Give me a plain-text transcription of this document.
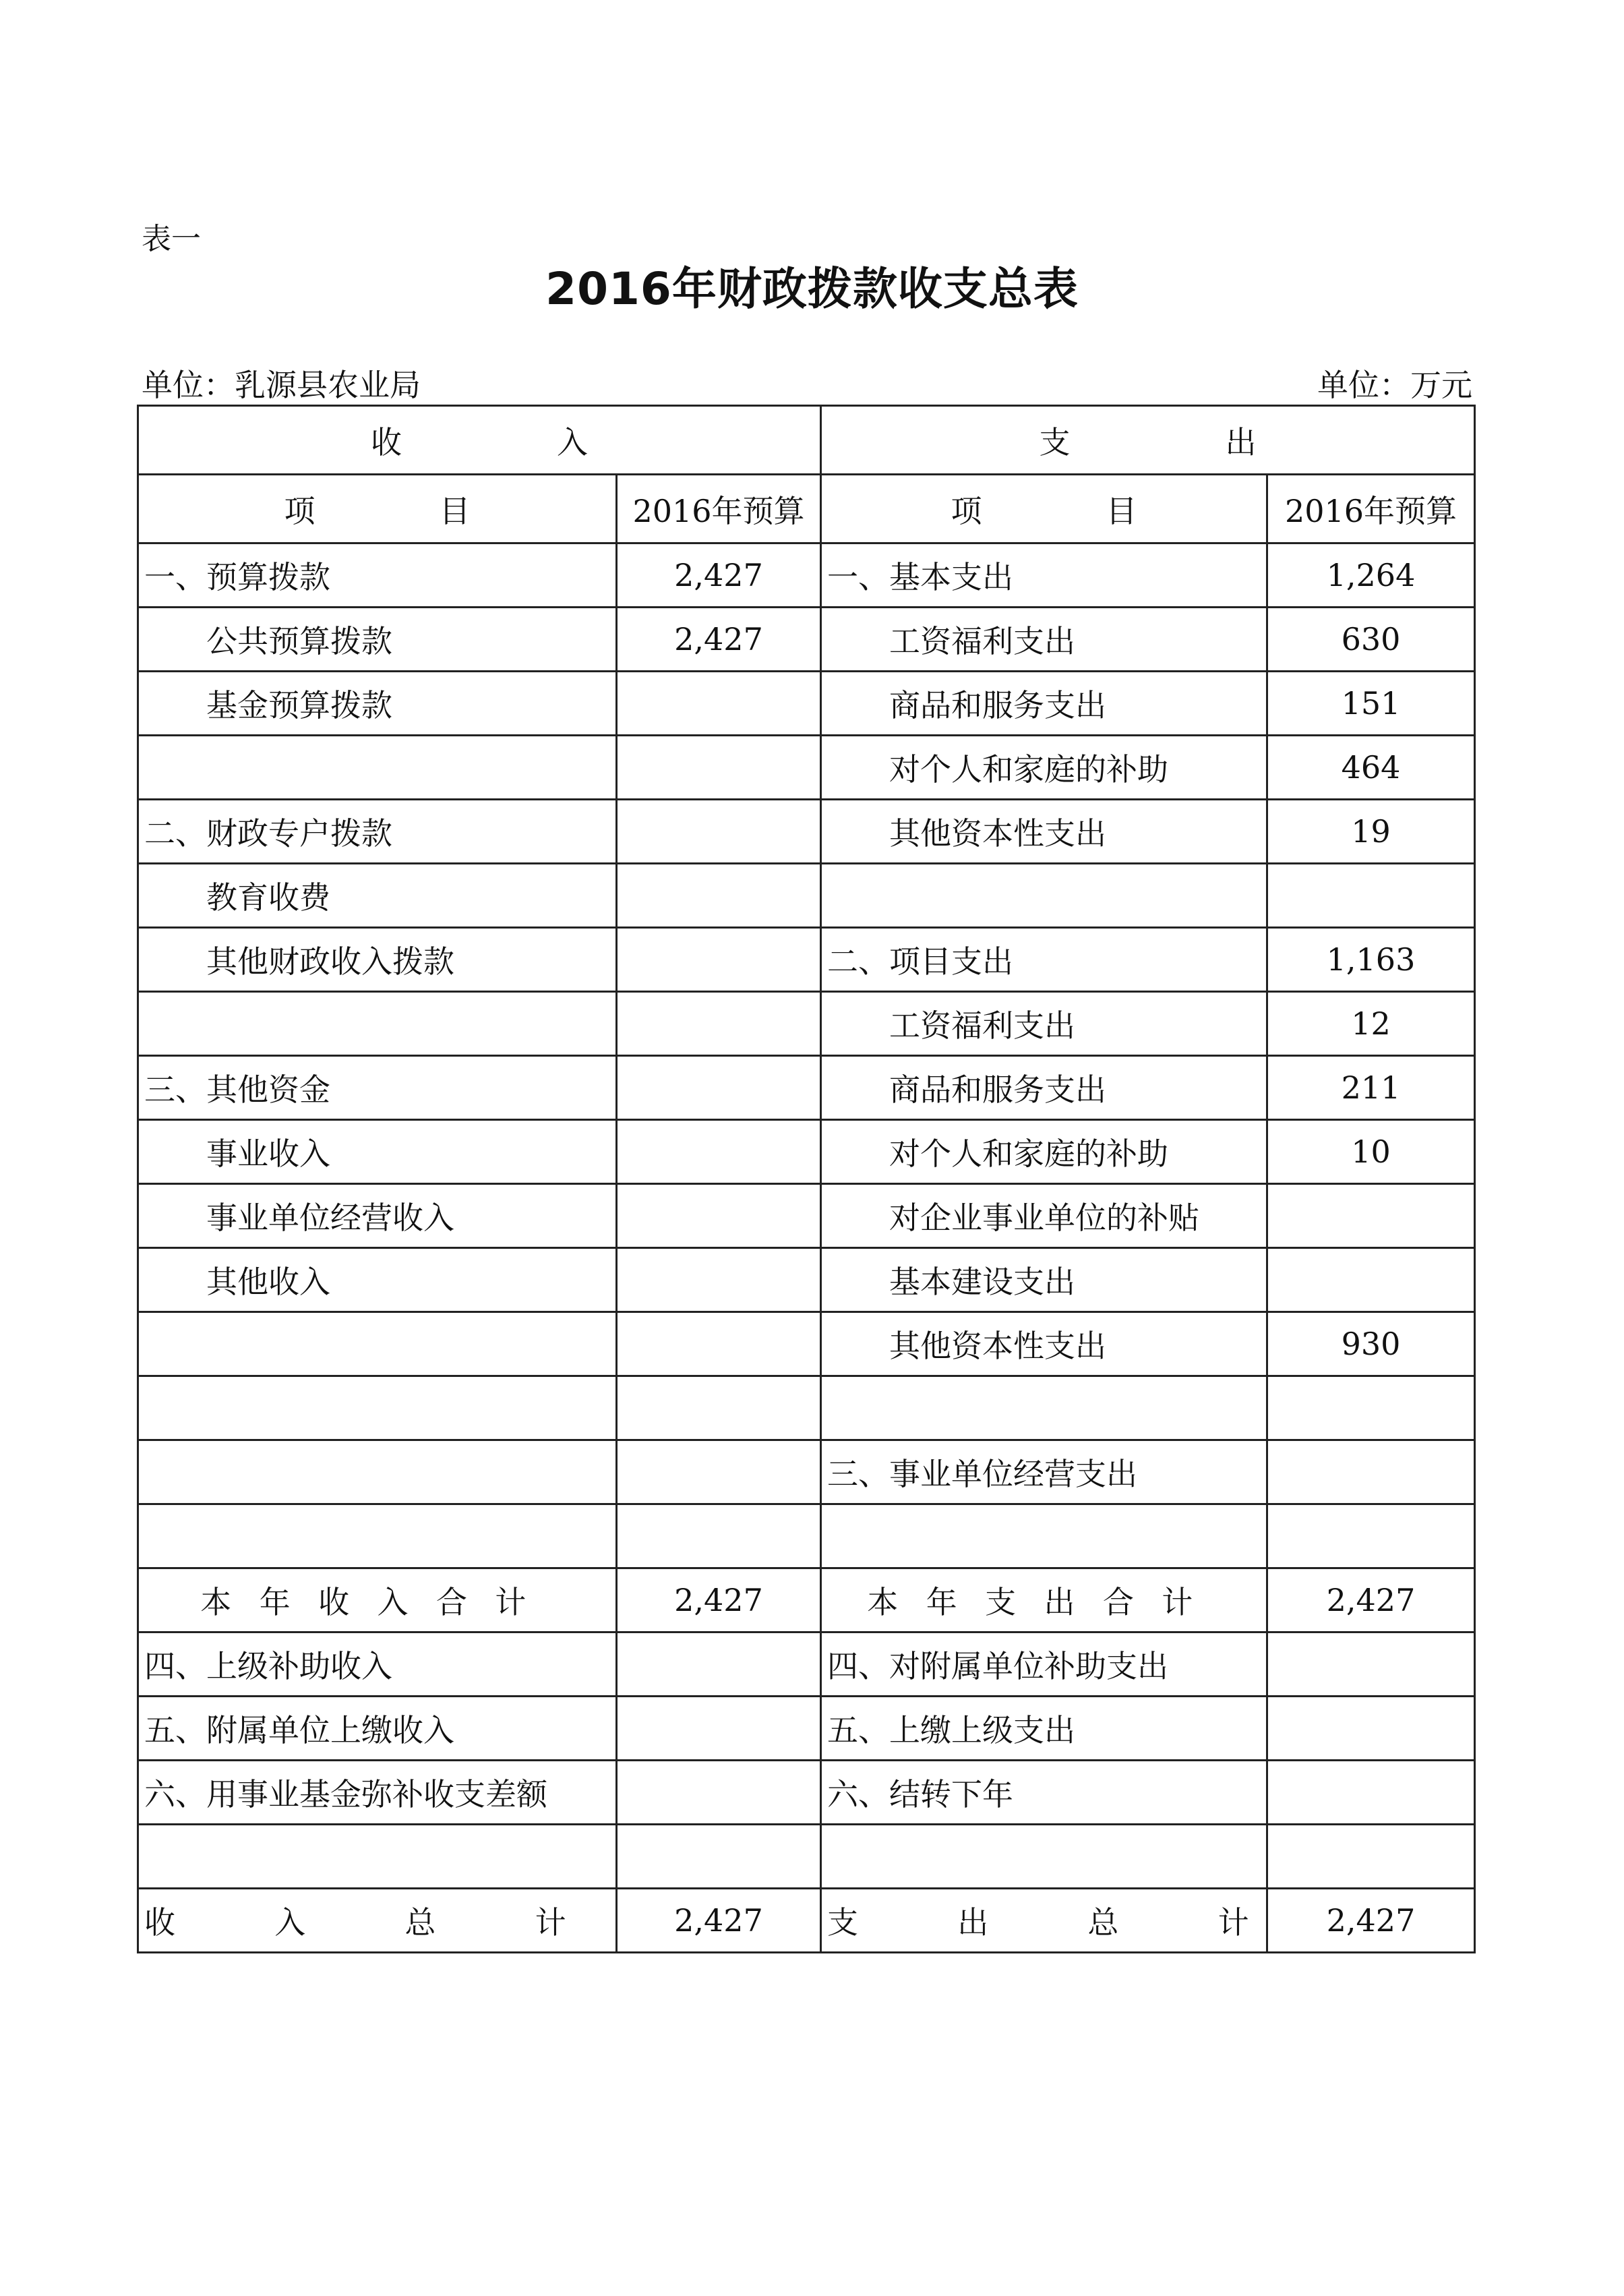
表一
2016年财政拨款收支总表
单位：乳源县农业局	单位：万元
收　　　　　入		支　　　　　出	
项　　　　目	2016年预算	项　　　　目	2016年预算
一、预算拨款	2,427	一、基本支出	1,264
公共预算拨款	2,427	工资福利支出	630
基金预算拨款		商品和服务支出	151
		对个人和家庭的补助	464
二、财政专户拨款		其他资本性支出	19
教育收费			
其他财政收入拨款		二、项目支出	1,163
		工资福利支出	12
三、其他资金		商品和服务支出	211
事业收入		对个人和家庭的补助	10
事业单位经营收入		对企业事业单位的补贴	
其他收入		基本建设支出	
		其他资本性支出	930

		三、事业单位经营支出	

本年收入合计	2,427	本年支出合计	2,427
四、上级补助收入		四、对附属单位补助支出	
五、附属单位上缴收入		五、上缴上级支出	
六、用事业基金弥补收支差额		六、结转下年	

收入总计	2,427	支出总计	2,427
